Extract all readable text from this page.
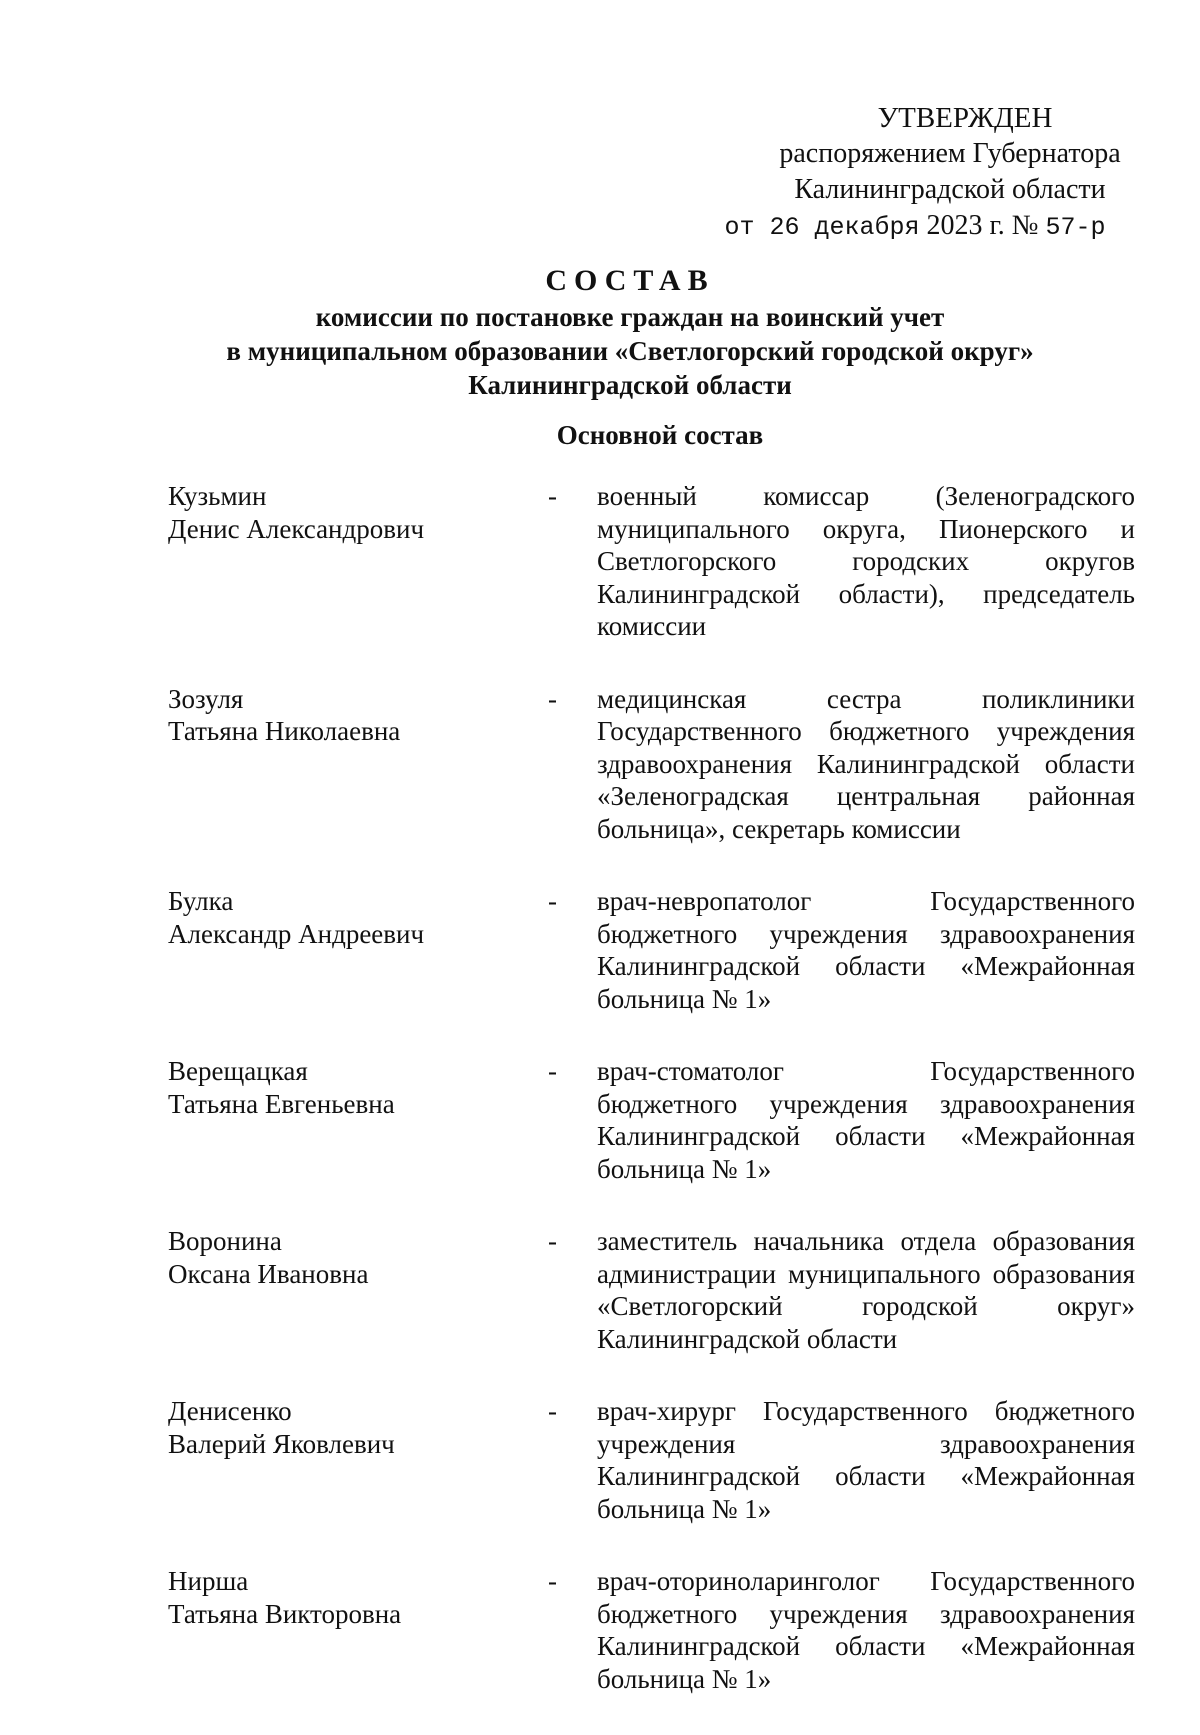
УТВЕРЖДЕН
распоряжением Губернатора
Калининградской области
от 26 декабря 2023 г. № 57-р
СОСТАВ
комиссии по постановке граждан на воинский учет
в муниципальном образовании «Светлогорский городской округ»
Калининградской области
Основной состав
Кузьмин
Денис Александрович
- военный комиссар (Зеленоградского муниципального округа, Пионерского и Светлогорского городских округов Калининградской области), председатель комиссии
Зозуля
Татьяна Николаевна
- медицинская сестра поликлиники Государственного бюджетного учреждения здравоохранения Калининградской области «Зеленоградская центральная районная больница», секретарь комиссии
Булка
Александр Андреевич
- врач-невропатолог Государственного бюджетного учреждения здравоохранения Калининградской области «Межрайонная больница № 1»
Верещацкая
Татьяна Евгеньевна
- врач-стоматолог Государственного бюджетного учреждения здравоохранения Калининградской области «Межрайонная больница № 1»
Воронина
Оксана Ивановна
- заместитель начальника отдела образования администрации муниципального образования «Светлогорский городской округ» Калининградской области
Денисенко
Валерий Яковлевич
- врач-хирург Государственного бюджетного учреждения здравоохранения Калининградской области «Межрайонная больница № 1»
Нирша
Татьяна Викторовна
- врач-оториноларинголог Государственного бюджетного учреждения здравоохранения Калининградской области «Межрайонная больница № 1»
